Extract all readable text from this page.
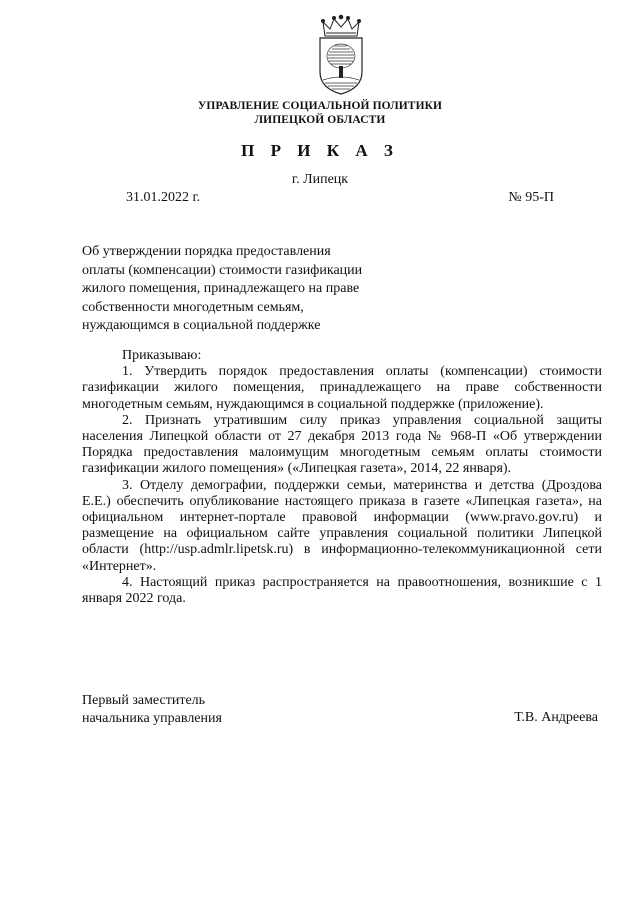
УПРАВЛЕНИЕ СОЦИАЛЬНОЙ ПОЛИТИКИ
ЛИПЕЦКОЙ ОБЛАСТИ
П Р И К А З
г. Липецк
31.01.2022 г.	№ 95-П
Об утверждении порядка предоставления
оплаты (компенсации) стоимости газификации
жилого помещения, принадлежащего на праве
собственности многодетным семьям,
нуждающимся в социальной поддержке

Приказываю:

1. Утвердить порядок предоставления оплаты (компенсации) стоимости газификации жилого помещения, принадлежащего на праве собственности многодетным семьям, нуждающимся в социальной поддержке (приложение).

2. Признать утратившим силу приказ управления социальной защиты населения Липецкой области от 27 декабря 2013 года № 968-П «Об утверждении Порядка предоставления малоимущим многодетным семьям оплаты стоимости газификации жилого помещения» («Липецкая газета», 2014, 22 января).

3. Отделу демографии, поддержки семьи, материнства и детства (Дроздова Е.Е.) обеспечить опубликование настоящего приказа в газете «Липецкая газета», на официальном интернет-портале правовой информации (www.pravo.gov.ru) и размещение на официальном сайте управления социальной политики Липецкой области (http://usp.admlr.lipetsk.ru) в информационно-телекоммуникационной сети «Интернет».

4. Настоящий приказ распространяется на правоотношения, возникшие с 1 января 2022 года.

Первый заместитель
начальника управления	Т.В. Андреева
